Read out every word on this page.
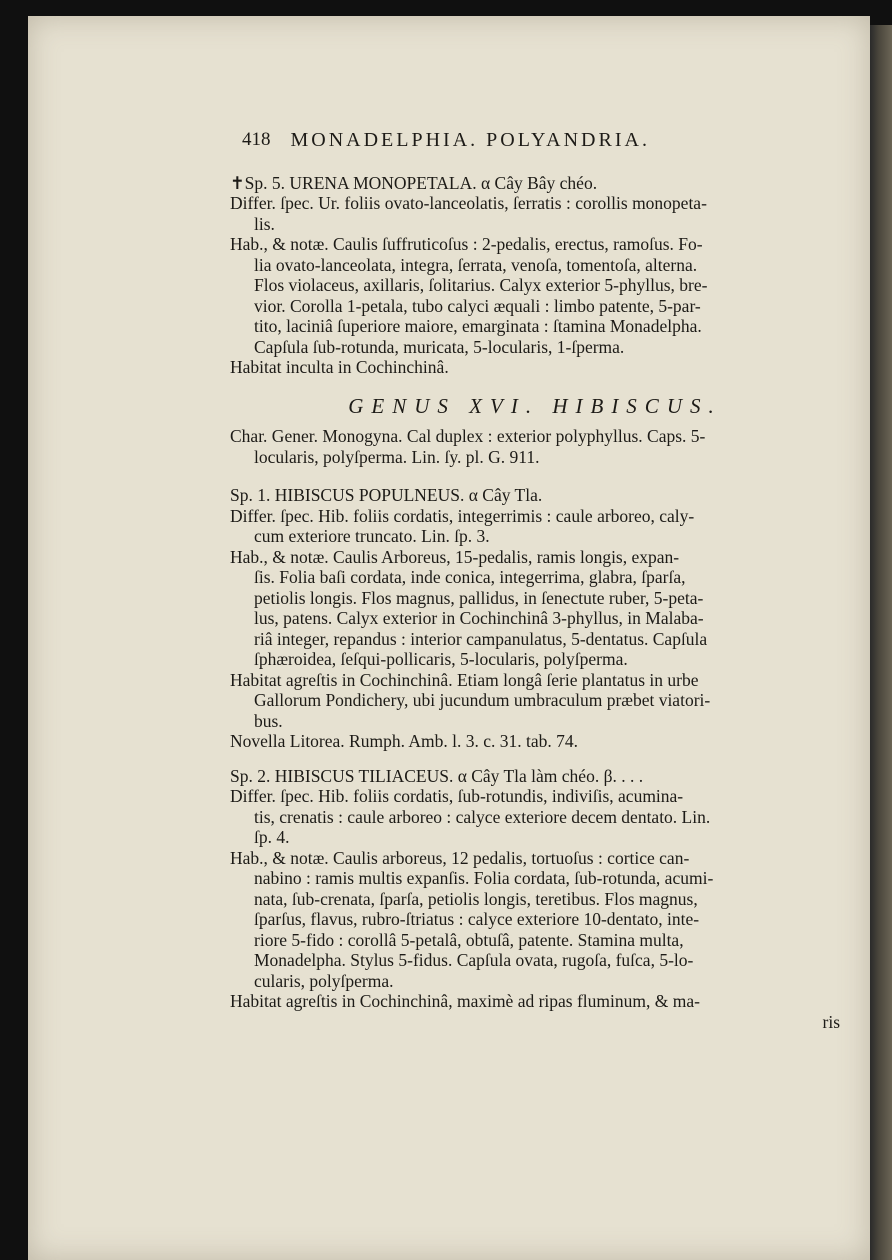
418 MONADELPHIA. POLYANDRIA.
✝Sp. 5. URENA MONOPETALA. α Cây Bây chéo.
Differ. ſpec. Ur. foliis ovato-lanceolatis, ſerratis : corollis monopeta-
lis.
Hab., & notæ. Caulis ſuffruticoſus : 2-pedalis, erectus, ramoſus. Fo-
lia ovato-lanceolata, integra, ſerrata, venoſa, tomentoſa, alterna.
Flos violaceus, axillaris, ſolitarius. Calyx exterior 5-phyllus, bre-
vior. Corolla 1-petala, tubo calyci æquali : limbo patente, 5-par-
tito, laciniâ ſuperiore maiore, emarginata : ſtamina Monadelpha.
Capſula ſub-rotunda, muricata, 5-locularis, 1-ſperma.
Habitat inculta in Cochinchinâ.
GENUS XVI. HIBISCUS.
Char. Gener. Monogyna. Cal duplex : exterior polyphyllus. Caps. 5-
locularis, polyſperma. Lin. ſy. pl. G. 911.
Sp. 1. HIBISCUS POPULNEUS. α Cây Tla.
Differ. ſpec. Hib. foliis cordatis, integerrimis : caule arboreo, caly-
cum exteriore truncato. Lin. ſp. 3.
Hab., & notæ. Caulis Arboreus, 15-pedalis, ramis longis, expan-
ſis. Folia baſi cordata, inde conica, integerrima, glabra, ſparſa,
petiolis longis. Flos magnus, pallidus, in ſenectute ruber, 5-peta-
lus, patens. Calyx exterior in Cochinchinâ 3-phyllus, in Malaba-
riâ integer, repandus : interior campanulatus, 5-dentatus. Capſula
ſphæroidea, ſeſqui-pollicaris, 5-locularis, polyſperma.
Habitat agreſtis in Cochinchinâ. Etiam longâ ſerie plantatus in urbe
Gallorum Pondichery, ubi jucundum umbraculum præbet viatori-
bus.
Novella Litorea. Rumph. Amb. l. 3. c. 31. tab. 74.
Sp. 2. HIBISCUS TILIACEUS. α Cây Tla làm chéo. β. . . .
Differ. ſpec. Hib. foliis cordatis, ſub-rotundis, indiviſis, acumina-
tis, crenatis : caule arboreo : calyce exteriore decem dentato. Lin.
ſp. 4.
Hab., & notæ. Caulis arboreus, 12 pedalis, tortuoſus : cortice can-
nabino : ramis multis expanſis. Folia cordata, ſub-rotunda, acumi-
nata, ſub-crenata, ſparſa, petiolis longis, teretibus. Flos magnus,
ſparſus, flavus, rubro-ſtriatus : calyce exteriore 10-dentato, inte-
riore 5-fido : corollâ 5-petalâ, obtuſâ, patente. Stamina multa,
Monadelpha. Stylus 5-fidus. Capſula ovata, rugoſa, fuſca, 5-lo-
cularis, polyſperma.
Habitat agreſtis in Cochinchinâ, maximè ad ripas fluminum, & ma-
ris
